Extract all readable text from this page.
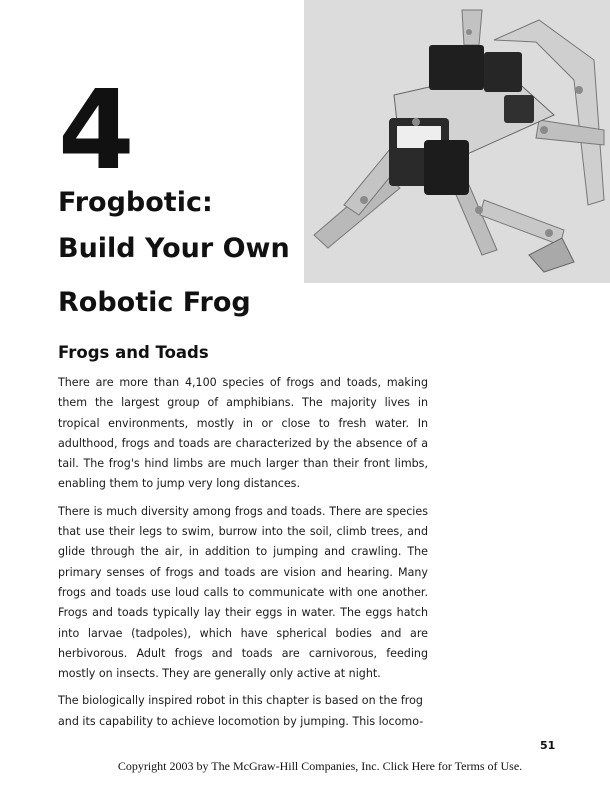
4
Frogbotic:
Build Your Own
Robotic Frog
Frogs and Toads

There are more than 4,100 species of frogs and toads, making them the largest group of amphibians. The majority lives in tropical environments, mostly in or close to fresh water. In adulthood, frogs and toads are characterized by the absence of a tail. The frog's hind limbs are much larger than their front limbs, enabling them to jump very long distances.

There is much diversity among frogs and toads. There are species that use their legs to swim, burrow into the soil, climb trees, and glide through the air, in addition to jumping and crawling. The primary senses of frogs and toads are vision and hearing. Many frogs and toads use loud calls to communicate with one another. Frogs and toads typically lay their eggs in water. The eggs hatch into larvae (tadpoles), which have spherical bodies and are herbivorous. Adult frogs and toads are carnivorous, feeding mostly on insects. They are generally only active at night.

The biologically inspired robot in this chapter is based on the frog and its capability to achieve locomotion by jumping. This locomo-

51
Copyright 2003 by The McGraw-Hill Companies, Inc. Click Here for Terms of Use.
